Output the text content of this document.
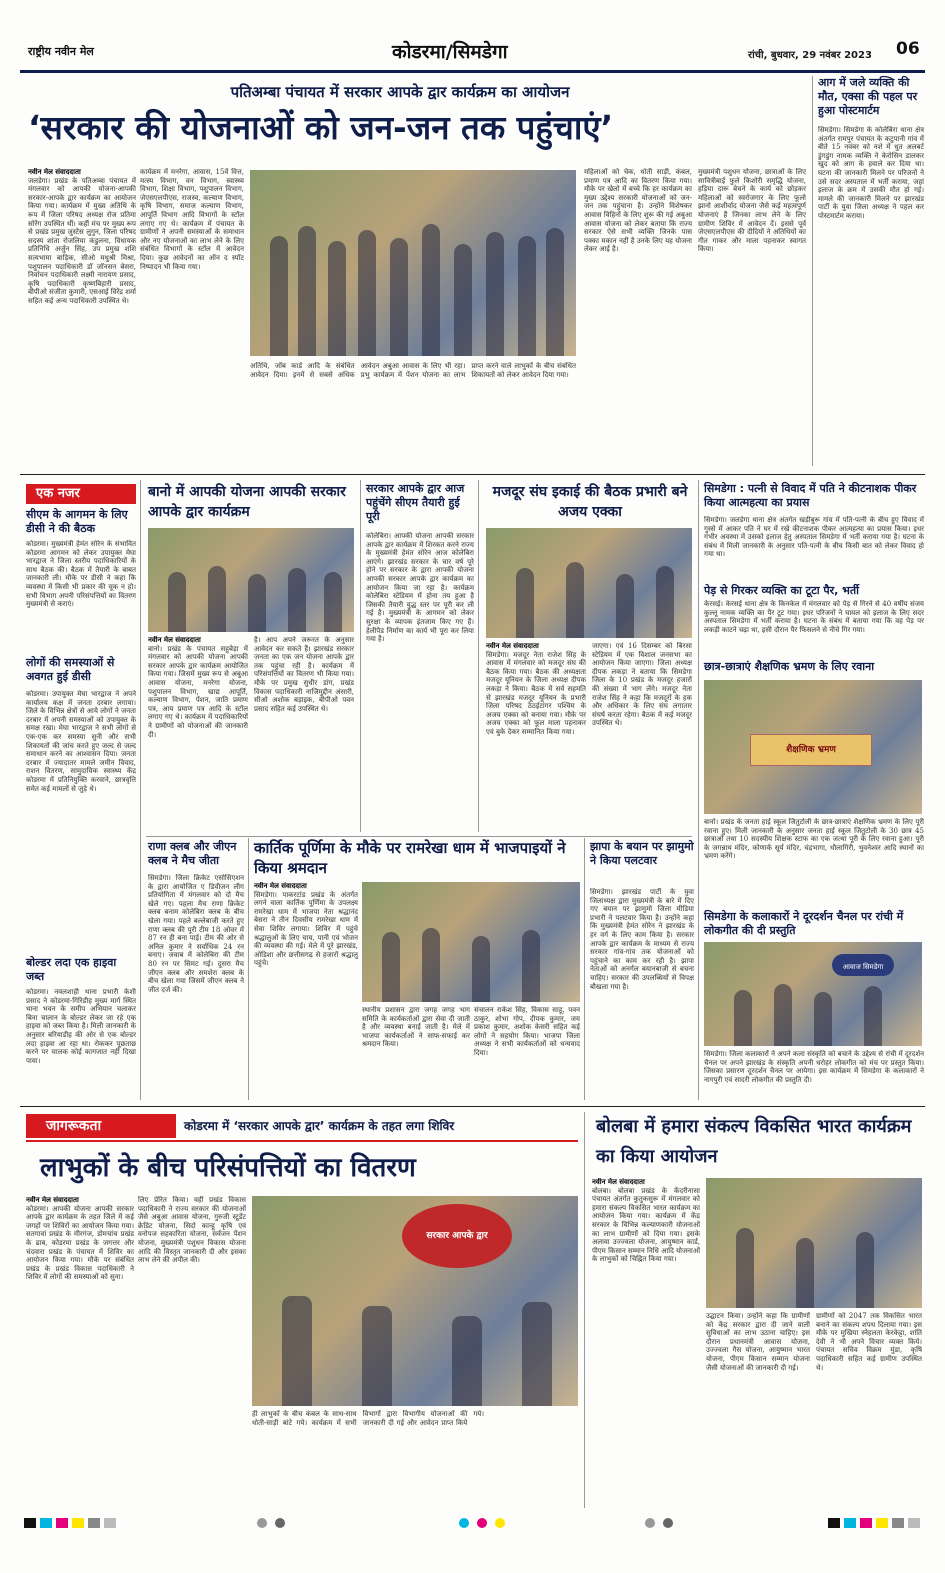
राष्ट्रीय नवीन मेल	कोडरमा/सिमडेगा	रांची, बुधवार, 29 नवंबर 2023 06
पतिअम्बा पंचायत में सरकार आपके द्वार कार्यक्रम का आयोजन
‘सरकार की योजनाओं को जन-जन तक पहुंचाएं’
नवीन मेल संवाददाता
जलडेगा। प्रखंड के पतिअम्बा पंचायत में मंगलवार को आपकी योजना-आपकी सरकार-आपके द्वार कार्यक्रम का आयोजन किया गया। कार्यक्रम में मुख्य अतिथि के रूप में जिला परिषद अध्यक्ष रोज प्रतिमा सोरेंग उपस्थित थीं। कहीं मंच पर मुख्य रूप से प्रखंड प्रमुख जुस्टेस लुगुन, जिला परिषद सदस्य शांता रोजलिया कंडुलना, विधायक प्रतिनिधि अर्जुन सिंह, उप प्रमुख शशि सत्यभामा बाड़िक, सीओ मधुश्री मिश्रा, पशुपालन पदाधिकारी डॉ जॉनसन बेसरा, निर्वाचन पदाधिकारी लक्ष्मी नारायण प्रसाद, कृषि पदाधिकारी कृष्णबिहारी प्रसाद, बीपीओ संजीता कुमारी, एसआई विरेंद्र शर्मा सहित कई अन्य पदाधिकारी उपस्थित थे।
कार्यक्रम में मनरेगा, आवास, 15वें वित्त, मत्स्य विभाग, वन विभाग, स्वास्थ्य विभाग, शिक्षा विभाग, पशुपालन विभाग, जेएसएलपीएस, राजस्व, कल्याण विभाग, कृषि विभाग, समाज कल्याण विभाग, आपूर्ति विभाग आदि विभागों के स्टॉल लगाए गए थे। कार्यक्रम में पंचायत के ग्रामीणों ने अपनी समस्याओं के समाधान और नए योजनाओं का लाभ लेने के लिए संबंधित विभागों के स्टॉल में आवेदन दिया। कुछ आवेदनों का ऑन द स्पॉट निष्पादन भी किया गया।
अतिथि, जॉब कार्ड आदि के संबंधित आवेदन दिया। इनमें से सबसे अधिक आवेदन अबुआ आवास के लिए भी रहा। प्रभु कार्यक्रम में पेंशन योजना का लाभ प्राप्त करने वाले लाभुकों के बीच संबंधित शिकायतों को लेकर आवेदन दिया गया।
महिलाओं को चेक, धोती साड़ी, कंबल, प्रमाण पत्र आदि का वितरण किया गया। मौके पर खेलो में बच्चे कि हर कार्यक्रम का मुख्य उद्देश्य सरकारी योजनाओं को जन-जन तक पहुंचाना है। उन्होंने विशेषकर आवास विहिनों के लिए शुरू की गई अबुआ आवास योजना को लेकर बताया कि राज्य सरकार ऐसे सभी व्यक्ति जिनके पास पक्का मकान नहीं है उनके लिए यह योजना लेकर आई है।
मुख्यमंत्री पशुधन योजना, छात्राओं के लिए सावित्रीबाई फुले किशोरी समृद्धि योजना, हड़िया दारू बेचने के कार्य को छोड़कर महिलाओं को स्वरोजगार के लिए फूलो झानो आशीर्वाद योजना जैसे कई महत्वपूर्ण योजनाएं हैं जिनका लाभ लेने के लिए ग्रामीण शिविर में आवेदन दें। इससे पूर्व जेएसएलपीएस की दीदियों ने अतिथियों का गीत गाकर और माला पहनाकर स्वागत किया।
आग में जले व्यक्ति की मौत, एक्सा की पहल पर हुआ पोस्टमार्टम
सिमडेगा। सिमडेगा के कोलेबिरा थाना क्षेत्र अंतर्गत रामपुर पंचायत के कटुपानी गांव में बीते 15 नवंबर को नशे में धुत अलबर्ट डुंगडुंग नामक व्यक्ति ने केरोसिन डालकर खुद को आग के हवाले कर दिया था। घटना की जानकारी मिलने पर परिजनों ने उसे सदर अस्पताल में भर्ती कराया, जहां इलाज के क्रम में उसकी मौत हो गई। मामले की जानकारी मिलने पर झारखंड पार्टी के युवा जिला अध्यक्ष ने पहल कर पोस्टमार्टम कराया।
एक नजर
सीएम के आगमन के लिए डीसी ने की बैठक
कोडरमा। मुख्यमंत्री हेमंत सोरेन के संभावित कोडरमा आगमन को लेकर उपायुक्त मेघा भारद्वाज ने जिला स्तरीय पदाधिकारियों के साथ बैठक की। बैठक में तैयारी के बाबत जानकारी ली। मौके पर डीसी ने कहा कि व्यवस्था में किसी भी प्रकार की चूक न हो। सभी विभाग अपनी परिसंपत्तियों का वितरण मुख्यमंत्री से कराएं।
लोगों की समस्याओं से अवगत हुई डीसी
कोडरमा। उपायुक्त मेघा भारद्वाज ने अपने कार्यालय कक्ष में जनता दरबार लगाया। जिले के विभिन्न क्षेत्रों से आये लोगों ने जनता दरबार में अपनी समस्याओं को उपायुक्त के समक्ष रखा। मेघा भारद्वाज ने सभी लोगों से एक-एक कर समस्या सुनी और सभी शिकायतों की जांच करते हुए जल्द से जल्द समाधान करने का आश्वासन दिया। जनता दरबार में ज्यादातर मामले जमीन विवाद, राशन वितरण, सामुदायिक स्वास्थ्य केंद्र कोडरमा में प्रतिनियुक्ति करवाने, छात्रवृत्ति समेत कई मामलों से जुड़े थे।
बोल्डर लदा एक हाइवा जब्त
कोडरमा। नवलशाही थाना प्रभारी केशी प्रसाद ने कोडरमा-गिरिडीह मुख्य मार्ग स्थित थाना भवन के समीप अभियान चलाकर बिना चालान के बोल्डर लेकर जा रहे एक हाइवा को जब्त किया है। मिली जानकारी के अनुसार बरियाडीह की ओर से एक बोल्डर लदा हाइवा आ रहा था। रोककर पूछताछ करने पर चालक कोई कागजात नहीं दिखा पाया।
बानो में आपकी योजना आपकी सरकार आपके द्वार कार्यक्रम
नवीन मेल संवाददाता
बानो। प्रखंड के पंचायत सहुबेड़ा में मंगलवार को आपकी योजना आपकी सरकार आपके द्वार कार्यक्रम आयोजित किया गया। जिसमें मुख्य रूप से अबुआ आवास योजना, मनरेगा योजना, पशुपालन विभाग, खाद्य आपूर्ति, कल्याण विभाग, पेंशन, जाति प्रमाण पत्र, आय प्रमाण पत्र आदि के स्टॉल लगाए गए थे। कार्यक्रम में पदाधिकारियों ने ग्रामीणों को योजनाओं की जानकारी दी।
है। आप अपने जरूरत के अनुसार आवेदन कर सकते हैं। झारखंड सरकार जनता का एक जन योजना आपके द्वार तक पहुंचा रही है। कार्यक्रम में परिसंपत्तियों का वितरण भी किया गया। मौके पर प्रमुख सुधीर डांग, प्रखंड विकास पदाधिकारी नाजिमुद्दीन अंसारी, सीओ अशोक बड़ाइक, बीपीओ पवन प्रसाद सहित कई उपस्थित थे।
सरकार आपके द्वार आज पहुंचेंगे सीएम तैयारी हुई पूरी
कोलेबिरा। आपकी योजना आपकी सरकार आपके द्वार कार्यक्रम में शिरकत करने राज्य के मुख्यमंत्री हेमंत सोरेन आज कोलेबिरा आएंगे। झारखंड सरकार के चार वर्ष पूरे होने पर सरकार के द्वारा आपकी योजना आपकी सरकार आपके द्वार कार्यक्रम का आयोजन किया जा रहा है। कार्यक्रम कोलेबिरा स्टेडियम में होना तय हुआ है जिसकी तैयारी युद्ध स्तर पर पूरी कर ली गई है। मुख्यमंत्री के आगमन को लेकर सुरक्षा के व्यापक इंतजाम किए गए हैं। हेलीपैड निर्माण का कार्य भी पूरा कर लिया गया है।
मजदूर संघ इकाई की बैठक प्रभारी बने अजय एक्का
नवीन मेल संवाददाता
सिमडेगा। मजदूर नेता राजेश सिंह के आवास में मंगलवार को मजदूर संघ की बैठक किया गया। बैठक की अध्यक्षता मजदूर यूनियन के जिला अध्यक्ष दीपक लकड़ा ने किया। बैठक में सर्व सहमति से झारखंड मजदूर यूनियन के प्रभारी जिला परिषद ठेठईटांगर पश्चिम के अजय एक्का को बनाया गया। मौके पर अजय एक्का को फूल माला पहनाकर एवं बुके देकर सम्मानित किया गया।
जाएगा। एवं 16 दिसम्बर को बिरसा स्टेडियम में एक विशाल जनसभा का आयोजन किया जाएगा। जिला अध्यक्ष दीपक लकड़ा ने बताया कि सिमडेगा जिला के 10 प्रखंड के मजदूर हजारों की संख्या में भाग लेंगे। मजदूर नेता राजेश सिंह ने कहा कि मजदूरों के हक और अधिकार के लिए संघ लगातार संघर्ष करता रहेगा। बैठक में कई मजदूर उपस्थित थे।
सिमडेगा : पत्नी से विवाद में पति ने कीटनाशक पीकर किया आत्महत्या का प्रयास
सिमडेगा। जलडेगा थाना क्षेत्र अंतर्गत खड़ीबुरू गांव में पति-पत्नी के बीच हुए विवाद में गुस्से में आकर पति ने घर में रखे कीटनाशक पीकर आत्महत्या का प्रयास किया। इधर गंभीर अवस्था में उसको इलाज हेतु अस्पताल सिमडेगा में भर्ती कराया गया है। घटना के संबंध में मिली जानकारी के अनुसार पति-पत्नी के बीच किसी बात को लेकर विवाद हो गया था।
पेड़ से गिरकर व्यक्ति का टूटा पैर, भर्ती
केरसई। केरसई थाना क्षेत्र के किनकेल में मंगलवार को पेड़ से गिरने से 40 वर्षीय संजय कुल्लू नामक व्यक्ति का पैर टूट गया। इधर परिजनों ने घायल को इलाज के लिए सदर अस्पताल सिमडेगा में भर्ती कराया है। घटना के संबंध में बताया गया कि वह पेड़ पर लकड़ी काटने चढ़ा था, इसी दौरान पैर फिसलने से नीचे गिर गया।
छात्र-छात्राएं शैक्षणिक भ्रमण के लिए रवाना
शैक्षणिक भ्रमण
बानो। प्रखंड के जनता हाई स्कूल जितुटोली के छात्र-छात्राएं शैक्षणिक भ्रमण के लिए पूरी रवाना हुए। मिली जानकारी के अनुसार जनता हाई स्कूल जितुटोली के 30 छात्र 45 छात्राओं तथा 10 सदस्यीय शिक्षक स्टाफ का एक जत्था पूरी के लिए रवाना हुआ। पूरी के जगन्नाथ मंदिर, कोणार्क सूर्य मंदिर, चंद्रभागा, धौलागिरी, भुवनेश्वर आदि स्थानों का भ्रमण करेंगे।
सिमडेगा के कलाकारों ने दूरदर्शन चैनल पर रांची में लोकगीत की दी प्रस्तुति
आवाज सिमडेगा
सिमडेगा। जिला कलाकारों ने अपने कला संस्कृति को बचाने के उद्देश्य से रांची में दूरदर्शन चैनल पर अपने झारखंड के संस्कृति अपनी धरोहर लोकगीत को मंच पर प्रस्तुत किया। जिसका प्रसारण दूरदर्शन चैनल पर आयेगा। इस कार्यक्रम में सिमडेगा के कलाकारों ने नागपुरी एवं सादरी लोकगीत की प्रस्तुति दी।
राणा क्लब और जीएन क्लब ने मैच जीता
सिमडेगा। जिला क्रिकेट एसोसिएशन के द्वारा आयोजित ए डिवीजन लीग प्रतियोगिता में मंगलवार को दो मैच खेले गए। पहला मैच राणा क्रिकेट क्लब बनाम कोलेबिरा क्लब के बीच खेला गया। पहले बल्लेबाजी करते हुए राणा क्लब की पूरी टीम 18 ओवर में 87 रन ही बना पाई। टीम की ओर से अनिल कुमार ने सर्वाधिक 24 रन बनाए। जवाब में कोलेबिरा की टीम 80 रन पर सिमट गई। दूसरा मैच जीएन क्लब और समशेरा क्लब के बीच खेला गया जिसमें जीएन क्लब ने जीत दर्ज की।
कार्तिक पूर्णिमा के मौके पर रामरेखा धाम में भाजपाइयों ने किया श्रमदान
नवीन मेल संवाददाता
सिमडेगा। पाकरटांड प्रखंड के अंतर्गत लगने वाला कार्तिक पूर्णिमा के उपलक्ष्य रामरेखा धाम में भाजपा नेता श्रद्धानंद बेसरा ने तीन दिवसीय रामरेखा धाम में सेवा शिविर लगाया। शिविर में पहुंचे श्रद्धालुओं के लिए चाय, पानी एवं भोजन की व्यवस्था की गई। मेले में पूरे झारखंड, ओडिशा और छत्तीसगढ़ से हजारों श्रद्धालु पहुंचे।
स्थानीय प्रशासन द्वारा जगह जगह भाग समिति के कार्यकर्ताओं द्वारा सेवा दी जाती है और व्यवस्था बनाई जाती है। मेले में भाजपा कार्यकर्ताओं ने साफ-सफाई कर श्रमदान किया।
संचालन राकेश सिंह, विकास साहू, पवन ठाकुर, शोभा गोप, दीपक कुमार, जय प्रकाश कुमार, अशोक केसरी सहित कई लोगों ने सहयोग किया। भाजपा जिला अध्यक्ष ने सभी कार्यकर्ताओं को धन्यवाद दिया।
झापा के बयान पर झामुमो ने किया पलटवार
सिमडेगा। झारखंड पार्टी के युवा जिलाध्यक्ष द्वारा मुख्यमंत्री के बारे में दिए गए बयान पर झामुमो जिला मीडिया प्रभारी ने पलटवार किया है। उन्होंने कहा कि मुख्यमंत्री हेमंत सोरेन ने झारखंड के हर वर्ग के लिए काम किया है। सरकार आपके द्वार कार्यक्रम के माध्यम से राज्य सरकार गांव-गांव तक योजनाओं को पहुंचाने का काम कर रही है। झापा नेताओं को अनर्गल बयानबाजी से बचना चाहिए। सरकार की उपलब्धियों से विपक्ष बौखला गया है।
जागरूकता	कोडरमा में ‘सरकार आपके द्वार’ कार्यक्रम के तहत लगा शिविर
लाभुकों के बीच परिसंपत्तियों का वितरण
नवीन मेल संवाददाता
कोडरमा। आपकी योजना आपकी सरकार आपके द्वार कार्यक्रम के तहत जिले में कई जगहों पर शिविरों का आयोजन किया गया। सतगावां प्रखंड के मीरगंज, डोमचांच प्रखंड के ढाब, कोडरमा प्रखंड के जगत्तर और चंदवारा प्रखंड के पंचायत में शिविर का आयोजन किया गया। मौके पर संबंधित प्रखंड के प्रखंड विकास पदाधिकारी ने शिविर में लोगों की समस्याओं को सुना।
लिए प्रेरित किया। वहीं प्रखंड विकास पदाधिकारी ने राज्य सरकार की योजनाओं जैसे अबुआ आवास योजना, गुरुजी स्टूडेंट क्रेडिट योजना, सिदो कान्हू कृषि एवं वनोपज सहकारिता योजना, सर्वजन पेंशन योजना, मुख्यमंत्री पशुधन विकास योजना आदि की विस्तृत जानकारी दी और इसका लाभ लेने की अपील की।
सरकार आपके द्वार
ही लाभुकों के बीच कंबल के साथ-साथ धोती-साड़ी बांटे गये। कार्यक्रम में सभी विभागों द्वारा विभागीय योजनाओं की जानकारी दी गई और आवेदन प्राप्त किये गये।
बोलबा में हमारा संकल्प विकसित भारत कार्यक्रम का किया आयोजन
नवीन मेल संवाददाता
बोलबा। बोलबा प्रखंड के केंदरीनासा पंचायत अंतर्गत कुतुकसुरू में मंगलवार को हमारा संकल्प विकसित भारत कार्यक्रम का आयोजन किया गया। कार्यक्रम में केंद्र सरकार के विभिन्न कल्याणकारी योजनाओं का लाभ ग्रामीणों को दिया गया। इसके अलावा उज्ज्वला योजना, आयुष्मान कार्ड, पीएम किसान सम्मान निधि आदि योजनाओं के लाभुकों को चिह्नित किया गया।
उद्घाटन किया। उन्होंने कहा कि ग्रामीणों को केंद्र सरकार द्वारा दी जाने वाली सुविधाओं का लाभ उठाना चाहिए। इस दौरान प्रधानमंत्री आवास योजना, उज्ज्वला गैस योजना, आयुष्मान भारत योजना, पीएम किसान सम्मान योजना जैसी योजनाओं की जानकारी दी गई।
ग्रामीणों को 2047 तक विकसित भारत बनाने का संकल्प शपथ दिलाया गया। इस मौके पर मुखिया स्नेहलता केरकेट्टा, शांति देवी ने भी अपने विचार व्यक्त किये। पंचायत सचिव विक्रम मुंडा, कृषि पदाधिकारी सहित कई ग्रामीण उपस्थित थे।
